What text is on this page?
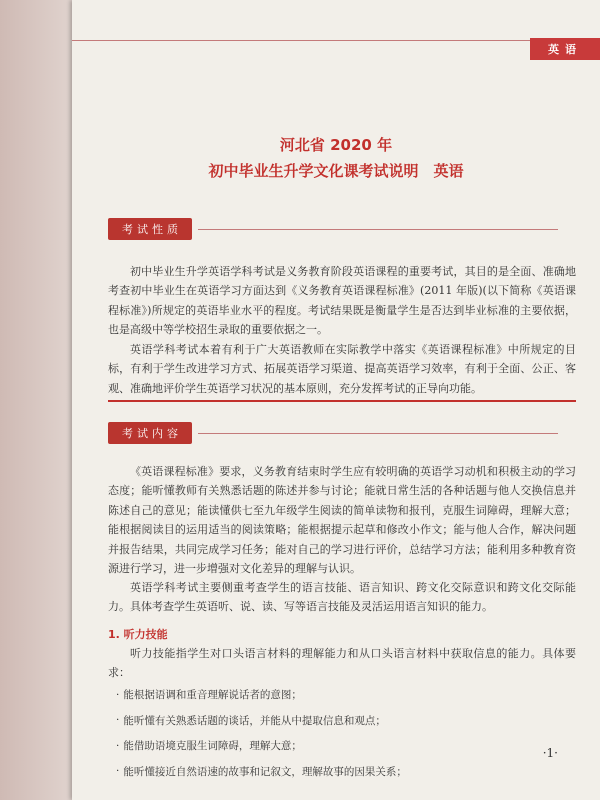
英语
河北省 2020 年
初中毕业生升学文化课考试说明　英语
考试性质
初中毕业生升学英语学科考试是义务教育阶段英语课程的重要考试，其目的是全面、准确地考查初中毕业生在英语学习方面达到《义务教育英语课程标准》(2011 年版)(以下简称《英语课程标准》)所规定的英语毕业水平的程度。考试结果既是衡量学生是否达到毕业标准的主要依据，也是高级中等学校招生录取的重要依据之一。
英语学科考试本着有利于广大英语教师在实际教学中落实《英语课程标准》中所规定的目标，有利于学生改进学习方式、拓展英语学习渠道、提高英语学习效率，有利于全面、公正、客观、准确地评价学生英语学习状况的基本原则，充分发挥考试的正导向功能。
考试内容
《英语课程标准》要求，义务教育结束时学生应有较明确的英语学习动机和积极主动的学习态度；能听懂教师有关熟悉话题的陈述并参与讨论；能就日常生活的各种话题与他人交换信息并陈述自己的意见；能读懂供七至九年级学生阅读的简单读物和报刊，克服生词障碍，理解大意；能根据阅读目的运用适当的阅读策略；能根据提示起草和修改小作文；能与他人合作，解决问题并报告结果，共同完成学习任务；能对自己的学习进行评价，总结学习方法；能利用多种教育资源进行学习，进一步增强对文化差异的理解与认识。
英语学科考试主要侧重考查学生的语言技能、语言知识、跨文化交际意识和跨文化交际能力。具体考查学生英语听、说、读、写等语言技能及灵活运用语言知识的能力。
1. 听力技能
听力技能指学生对口头语言材料的理解能力和从口头语言材料中获取信息的能力。具体要求：
· 能根据语调和重音理解说话者的意图；
· 能听懂有关熟悉话题的谈话，并能从中提取信息和观点；
· 能借助语境克服生词障碍，理解大意；
· 能听懂接近自然语速的故事和记叙文，理解故事的因果关系；
·1·
